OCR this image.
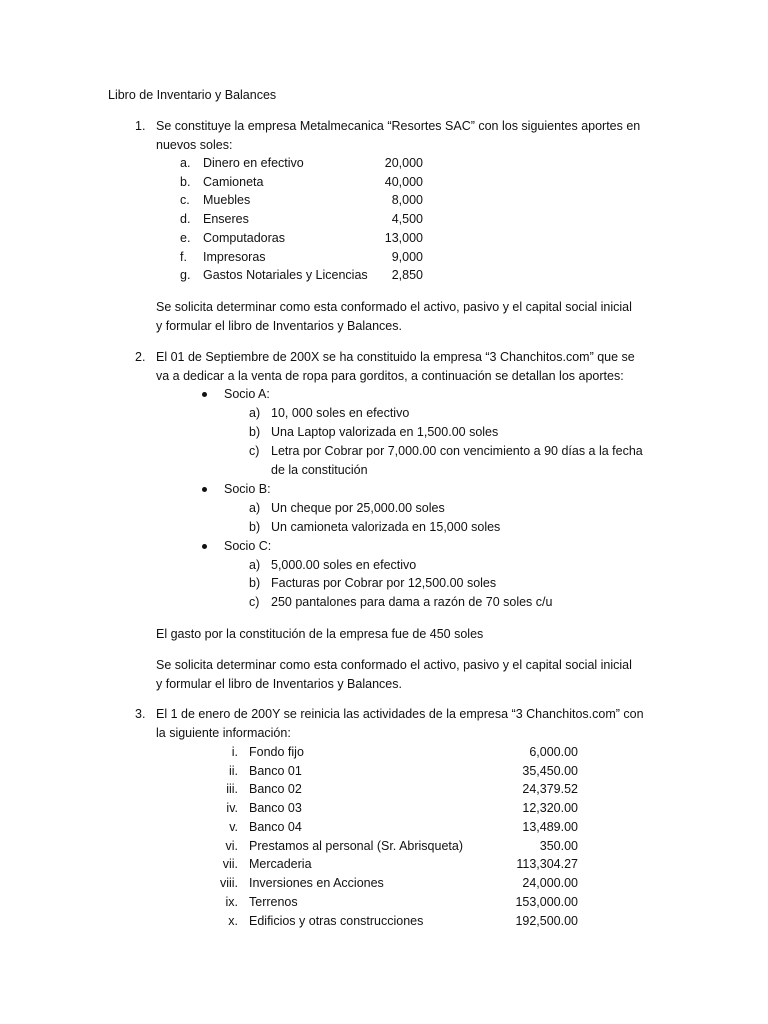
Libro de Inventario y Balances
1. Se constituye la empresa Metalmecanica “Resortes SAC” con los siguientes aportes en
nuevos soles:
a. Dinero en efectivo	20,000
b. Camioneta	40,000
c. Muebles	8,000
d. Enseres	4,500
e. Computadoras	13,000
f. Impresoras	9,000
g. Gastos Notariales y Licencias	2,850
Se solicita determinar como esta conformado el activo, pasivo y el capital social inicial
y formular el libro de Inventarios y Balances.
2. El 01 de Septiembre de 200X se ha constituido la empresa “3 Chanchitos.com” que se
va a dedicar a la venta de ropa para gorditos, a continuación se detallan los aportes:
Socio A:
a) 10, 000 soles en efectivo
b) Una Laptop valorizada en 1,500.00 soles
c) Letra por Cobrar por 7,000.00 con vencimiento a 90 días a la fecha
de la constitución
Socio B:
a) Un cheque por 25,000.00 soles
b) Un camioneta valorizada en 15,000 soles
Socio C:
a) 5,000.00 soles en efectivo
b) Facturas por Cobrar por 12,500.00 soles
c) 250 pantalones para dama a razón de 70 soles c/u
El gasto por la constitución de la empresa fue de 450 soles
Se solicita determinar como esta conformado el activo, pasivo y el capital social inicial
y formular el libro de Inventarios y Balances.
3. El 1 de enero de 200Y se reinicia las actividades de la empresa “3 Chanchitos.com” con
la siguiente información:
i. Fondo fijo	6,000.00
ii. Banco 01	35,450.00
iii. Banco 02	24,379.52
iv. Banco 03	12,320.00
v. Banco 04	13,489.00
vi. Prestamos al personal (Sr. Abrisqueta)	350.00
vii. Mercaderia	113,304.27
viii. Inversiones en Acciones	24,000.00
ix. Terrenos	153,000.00
x. Edificios y otras construcciones	192,500.00
